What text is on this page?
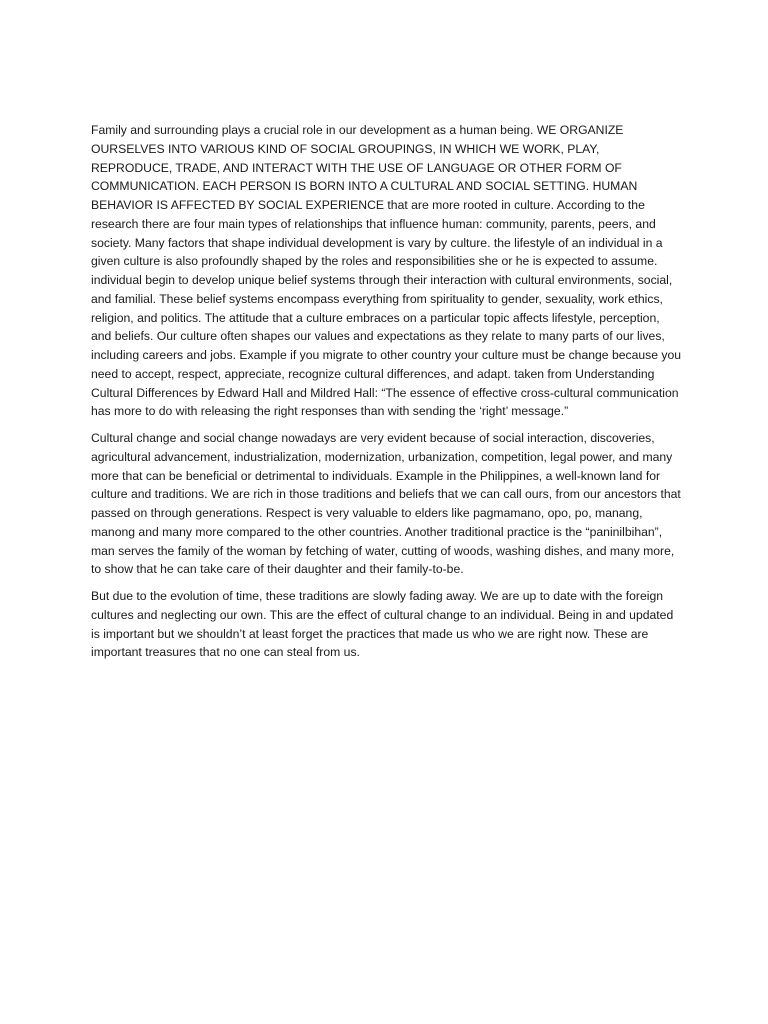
Family and surrounding plays a crucial role in our development as a human being. WE ORGANIZE OURSELVES INTO VARIOUS KIND OF SOCIAL GROUPINGS, IN WHICH WE WORK, PLAY, REPRODUCE, TRADE, AND INTERACT WITH THE USE OF LANGUAGE OR OTHER FORM OF COMMUNICATION. EACH PERSON IS BORN INTO A CULTURAL AND SOCIAL SETTING. HUMAN BEHAVIOR IS AFFECTED BY SOCIAL EXPERIENCE that are more rooted in culture. According to the research there are four main types of relationships that influence human: community, parents, peers, and society. Many factors that shape individual development is vary by culture. the lifestyle of an individual in a given culture is also profoundly shaped by the roles and responsibilities she or he is expected to assume. individual begin to develop unique belief systems through their interaction with cultural environments, social, and familial. These belief systems encompass everything from spirituality to gender, sexuality, work ethics, religion, and politics. The attitude that a culture embraces on a particular topic affects lifestyle, perception, and beliefs. Our culture often shapes our values and expectations as they relate to many parts of our lives, including careers and jobs. Example if you migrate to other country your culture must be change because you need to accept, respect, appreciate, recognize cultural differences, and adapt. taken from Understanding Cultural Differences by Edward Hall and Mildred Hall: “The essence of effective cross-cultural communication has more to do with releasing the right responses than with sending the ‘right’ message.”

Cultural change and social change nowadays are very evident because of social interaction, discoveries, agricultural advancement, industrialization, modernization, urbanization, competition, legal power, and many more that can be beneficial or detrimental to individuals. Example in the Philippines, a well-known land for culture and traditions. We are rich in those traditions and beliefs that we can call ours, from our ancestors that passed on through generations. Respect is very valuable to elders like pagmamano, opo, po, manang, manong and many more compared to the other countries. Another traditional practice is the “paninilbihan”, man serves the family of the woman by fetching of water, cutting of woods, washing dishes, and many more, to show that he can take care of their daughter and their family-to-be.

But due to the evolution of time, these traditions are slowly fading away. We are up to date with the foreign cultures and neglecting our own. This are the effect of cultural change to an individual. Being in and updated is important but we shouldn’t at least forget the practices that made us who we are right now. These are important treasures that no one can steal from us.
